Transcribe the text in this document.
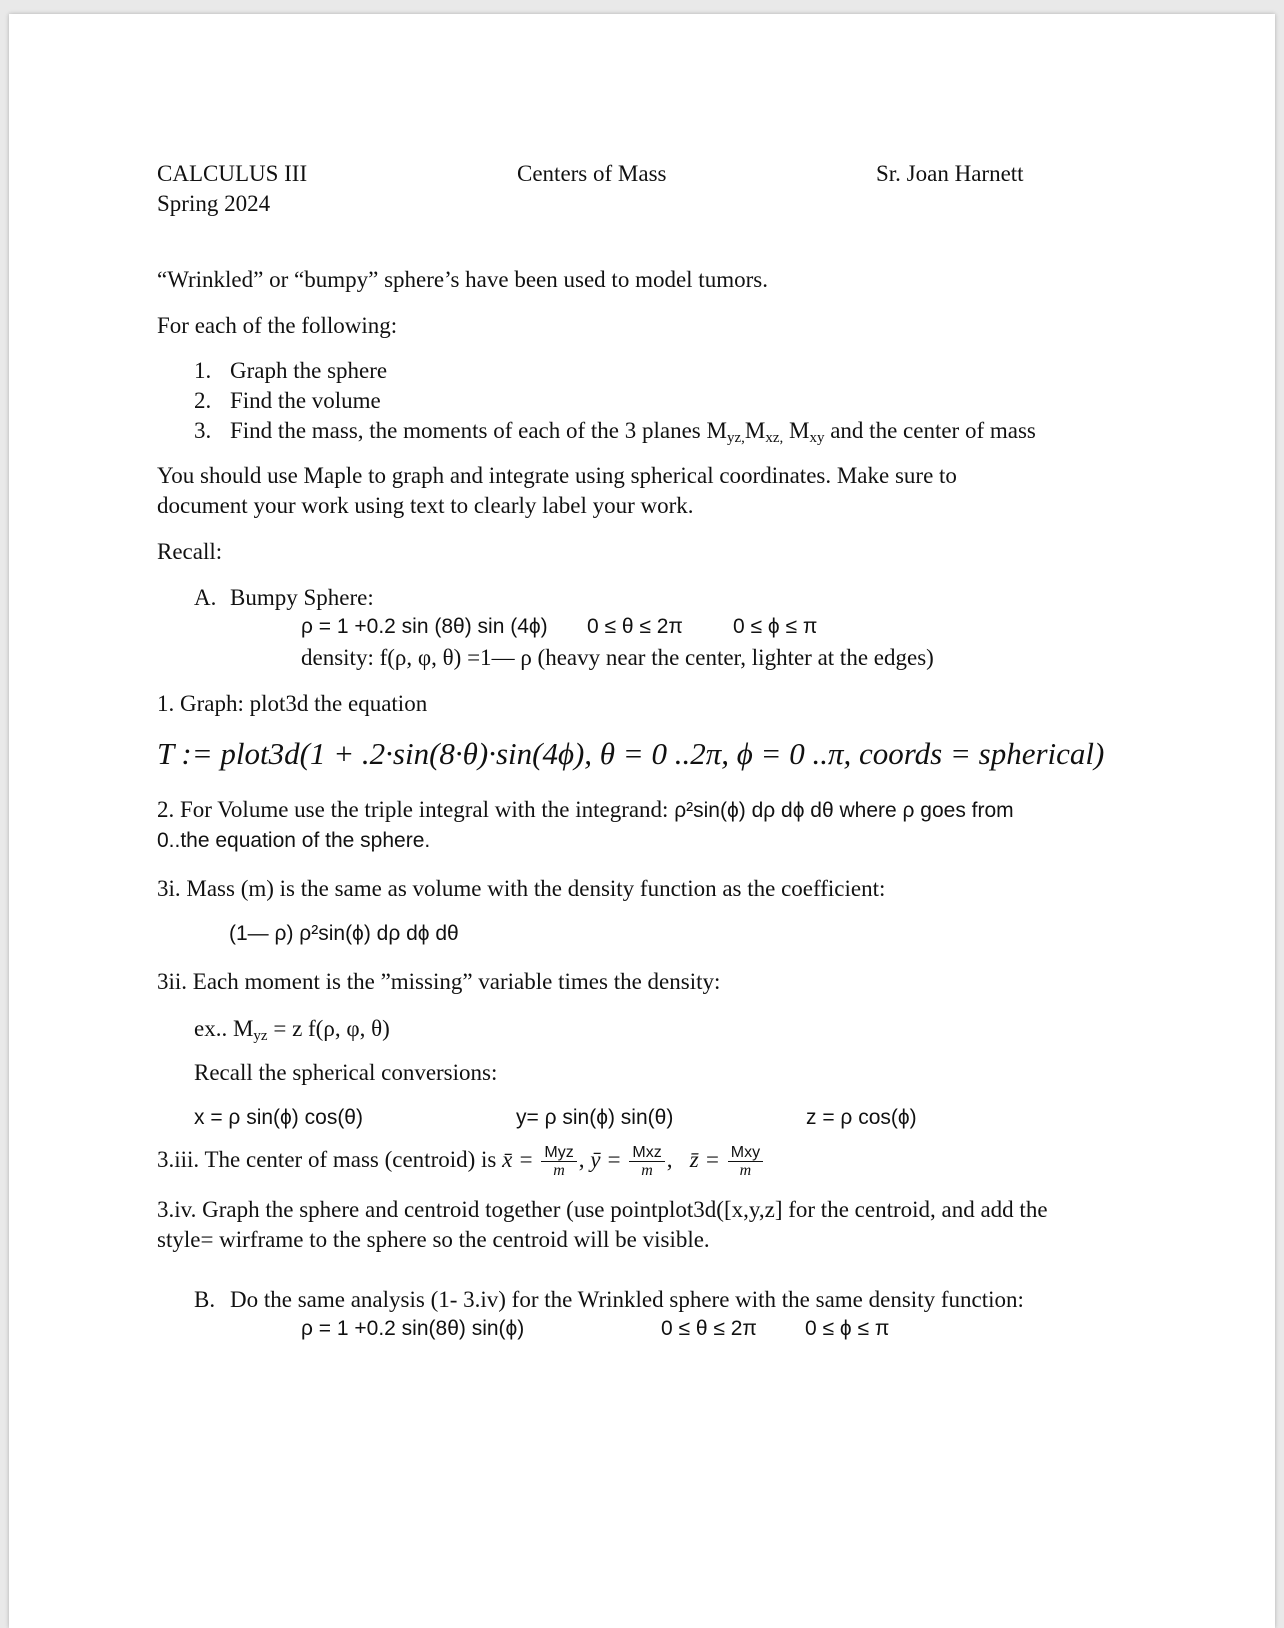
CALCULUS III
Spring 2024
Centers of Mass	Sr. Joan Harnett
“Wrinkled” or “bumpy” sphere’s have been used to model tumors.
For each of the following:
1. Graph the sphere
2. Find the volume
3. Find the mass, the moments of each of the 3 planes $M_{yz,}M_{xz,}$ $M_{xy}$ and the center of mass
You should use Maple to graph and integrate using spherical coordinates. Make sure to
document your work using text to clearly label your work.
Recall:
A. Bumpy Sphere:
ρ = 1 +0.2 sin (8θ) sin (4ϕ) 0 ≤ θ ≤ 2π 0 ≤ ϕ ≤ π
density: f(ρ, φ, θ) =1— ρ (heavy near the center, lighter at the edges)
1. Graph: plot3d the equation
T := plot3d(1 + .2·sin(8·θ)·sin(4ϕ), θ = 0 ..2π, ϕ = 0 ..π, coords = spherical)
2. For Volume use the triple integral with the integrand: ρ²sin(ϕ) dρ dϕ dθ where ρ goes from
0..the equation of the sphere.
3i. Mass (m) is the same as volume with the density function as the coefficient:
(1— ρ) ρ²sin(ϕ) dρ dϕ dθ
3ii. Each moment is the ”missing” variable times the density:
ex.. $M_{yz} = z$ f(ρ, φ, θ)
Recall the spherical conversions:
x = ρ sin(ϕ) cos(θ)	y= ρ sin(ϕ) sin(θ)	z = ρ cos(ϕ)
3.iii. The center of mass (centroid) is x̄ = $\frac{\text{Myz}}{m}$ , ȳ = $\frac{\text{Mxz}}{m}$ , z̄ = $\frac{\text{Mxy}}{m}$
3.iv. Graph the sphere and centroid together (use pointplot3d([x,y,z] for the centroid, and add the
style= wirframe to the sphere so the centroid will be visible.
B. Do the same analysis (1- 3.iv) for the Wrinkled sphere with the same density function:
ρ = 1 +0.2 sin(8θ) sin(ϕ)	0 ≤ θ ≤ 2π 0 ≤ ϕ ≤ π
